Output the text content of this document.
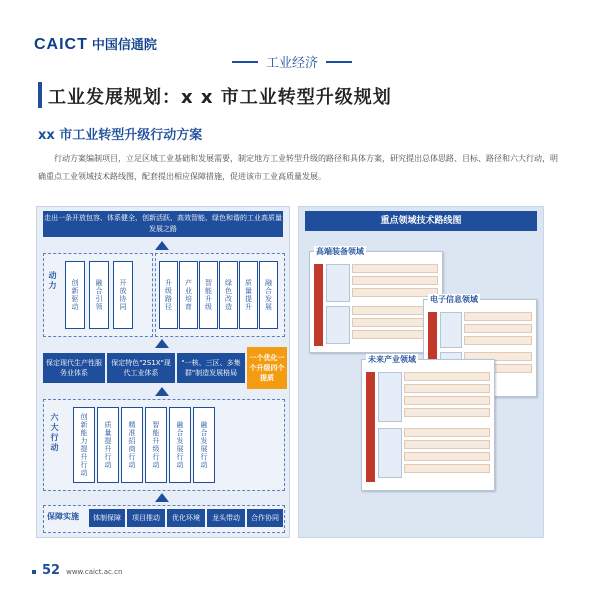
CAICT 中国信通院
工业经济
工业发展规划：x x 市工业转型升级规划
xx 市工业转型升级行动方案
行动方案编制项目，立足区域工业基础和发展需要，制定地方工业转型升级的路径和具体方案，研究提出总体思路、目标、路径和六大行动，明确重点工业领域技术路线图，配套提出相应保障措施，促进该市工业高质量发展。
走出一条开放包容、体系健全、创新活跃、高效智能、绿色和谐的工业高质量发展之路
动力	创新驱动	融合引领	开放协同	升级路径	产业培育	智能升级	绿色改造	质量提升	融合发展
保定现代生产性服务业体系
保定特色"2S1X"现代工业体系
"一核、三区、多集群"制造发展格局
一个优化一个升级四个提质
六大行动	创新能力提升行动	质量提升行动	精准招商行动	智能升级行动	融合发展行动	融合发展行动
保障实施	体制保障	项目推动	优化环境	龙头带动	合作协同
重点领域技术路线图
高端装备领域
电子信息领域
未来产业领域
52 www.caict.ac.cn
